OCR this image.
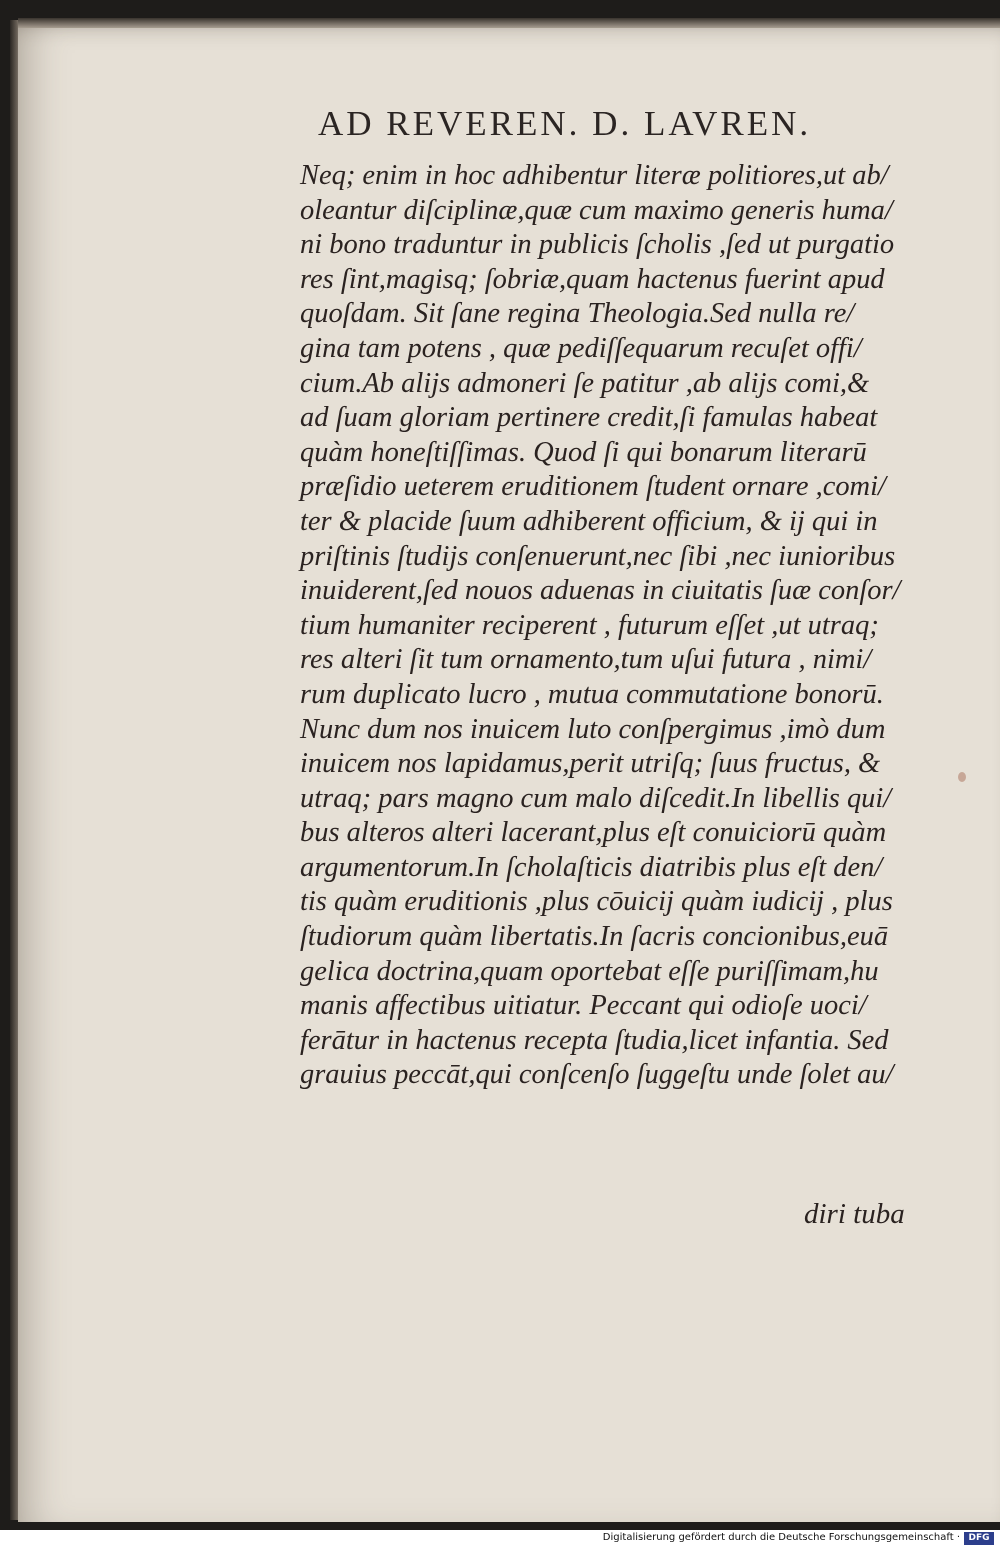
AD REVEREN. D. LAVREN.
Neq; enim in hoc adhibentur literæ politiores,ut ab/
oleantur diſciplinæ,quæ cum maximo generis huma/
ni bono traduntur in publicis ſcholis ,ſed ut purgatio
res ſint,magisq; ſobriæ,quam hactenus fuerint apud
quoſdam. Sit ſane regina Theologia.Sed nulla re/
gina tam potens , quæ pediſſequarum recuſet offi/
cium.Ab alijs admoneri ſe patitur ,ab alijs comi,&
ad ſuam gloriam pertinere credit,ſi famulas habeat
quàm honeſtiſſimas. Quod ſi qui bonarum literarū
præſidio ueterem eruditionem ſtudent ornare ,comi/
ter & placide ſuum adhiberent officium, & ij qui in
priſtinis ſtudijs conſenuerunt,nec ſibi ,nec iunioribus
inuiderent,ſed nouos aduenas in ciuitatis ſuæ conſor/
tium humaniter reciperent , futurum eſſet ,ut utraq;
res alteri ſit tum ornamento,tum uſui futura , nimi/
rum duplicato lucro , mutua commutatione bonorū.
Nunc dum nos inuicem luto conſpergimus ,imò dum
inuicem nos lapidamus,perit utriſq; ſuus fructus, &
utraq; pars magno cum malo diſcedit.In libellis qui/
bus alteros alteri lacerant,plus eſt conuiciorū quàm
argumentorum.In ſcholaſticis diatribis plus eſt den/
tis quàm eruditionis ,plus cōuicij quàm iudicij , plus
ſtudiorum quàm libertatis.In ſacris concionibus,euā
gelica doctrina,quam oportebat eſſe puriſſimam,hu
manis affectibus uitiatur. Peccant qui odioſe uoci/
ferātur in hactenus recepta ſtudia,licet infantia. Sed
grauius peccāt,qui conſcenſo ſuggeſtu unde ſolet au/
diri tuba
Digitalisierung gefördert durch die Deutsche Forschungsgemeinschaft · DFG
